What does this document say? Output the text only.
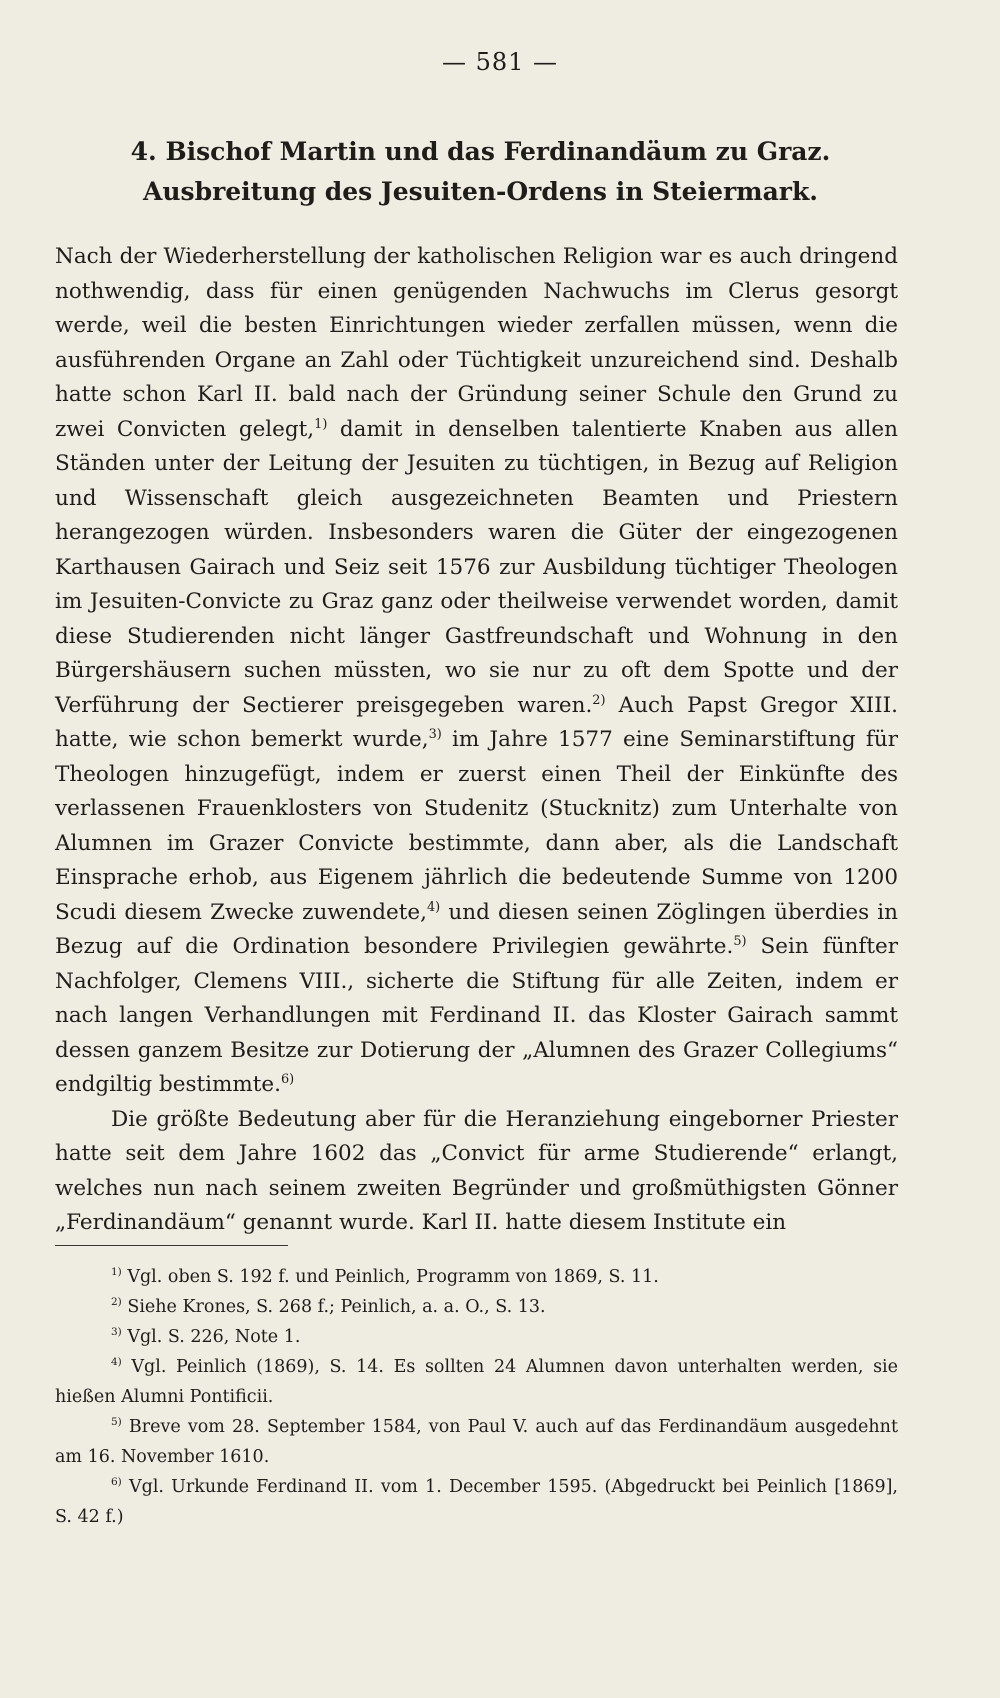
— 581 —
4. Bischof Martin und das Ferdinandäum zu Graz. Ausbreitung des Jesuiten-Ordens in Steiermark.

Nach der Wiederherstellung der katholischen Religion war es auch dringend nothwendig, dass für einen genügenden Nachwuchs im Clerus gesorgt werde, weil die besten Einrichtungen wieder zerfallen müssen, wenn die ausführenden Organe an Zahl oder Tüchtigkeit unzureichend sind. Deshalb hatte schon Karl II. bald nach der Gründung seiner Schule den Grund zu zwei Convicten gelegt,$^{1)}$ damit in denselben talentierte Knaben aus allen Ständen unter der Leitung der Jesuiten zu tüchtigen, in Bezug auf Religion und Wissenschaft gleich ausgezeichneten Beamten und Priestern herangezogen würden. Insbesonders waren die Güter der eingezogenen Karthausen Gairach und Seiz seit 1576 zur Ausbildung tüchtiger Theologen im Jesuiten-Convicte zu Graz ganz oder theilweise verwendet worden, damit diese Studierenden nicht länger Gastfreundschaft und Wohnung in den Bürgershäusern suchen müssten, wo sie nur zu oft dem Spotte und der Verführung der Sectierer preisgegeben waren.$^{2)}$ Auch Papst Gregor XIII. hatte, wie schon bemerkt wurde,$^{3)}$ im Jahre 1577 eine Seminarstiftung für Theologen hinzugefügt, indem er zuerst einen Theil der Einkünfte des verlassenen Frauenklosters von Studenitz (Stucknitz) zum Unterhalte von Alumnen im Grazer Convicte bestimmte, dann aber, als die Landschaft Einsprache erhob, aus Eigenem jährlich die bedeutende Summe von 1200 Scudi diesem Zwecke zuwendete,$^{4)}$ und diesen seinen Zöglingen überdies in Bezug auf die Ordination besondere Privilegien gewährte.$^{5)}$ Sein fünfter Nachfolger, Clemens VIII., sicherte die Stiftung für alle Zeiten, indem er nach langen Verhandlungen mit Ferdinand II. das Kloster Gairach sammt dessen ganzem Besitze zur Dotierung der „Alumnen des Grazer Collegiums“ endgiltig bestimmte.$^{6)}$

Die größte Bedeutung aber für die Heranziehung eingeborner Priester hatte seit dem Jahre 1602 das „Convict für arme Studierende“ erlangt, welches nun nach seinem zweiten Begründer und großmüthigsten Gönner „Ferdinandäum“ genannt wurde. Karl II. hatte diesem Institute ein

$^{1)}$ Vgl. oben S. 192 f. und Peinlich, Programm von 1869, S. 11.

$^{2)}$ Siehe Krones, S. 268 f.; Peinlich, a. a. O., S. 13.

$^{3)}$ Vgl. S. 226, Note 1.

$^{4)}$ Vgl. Peinlich (1869), S. 14. Es sollten 24 Alumnen davon unterhalten werden, sie hießen Alumni Pontificii.

$^{5)}$ Breve vom 28. September 1584, von Paul V. auch auf das Ferdinandäum ausgedehnt am 16. November 1610.

$^{6)}$ Vgl. Urkunde Ferdinand II. vom 1. December 1595. (Abgedruckt bei Peinlich [1869], S. 42 f.)
